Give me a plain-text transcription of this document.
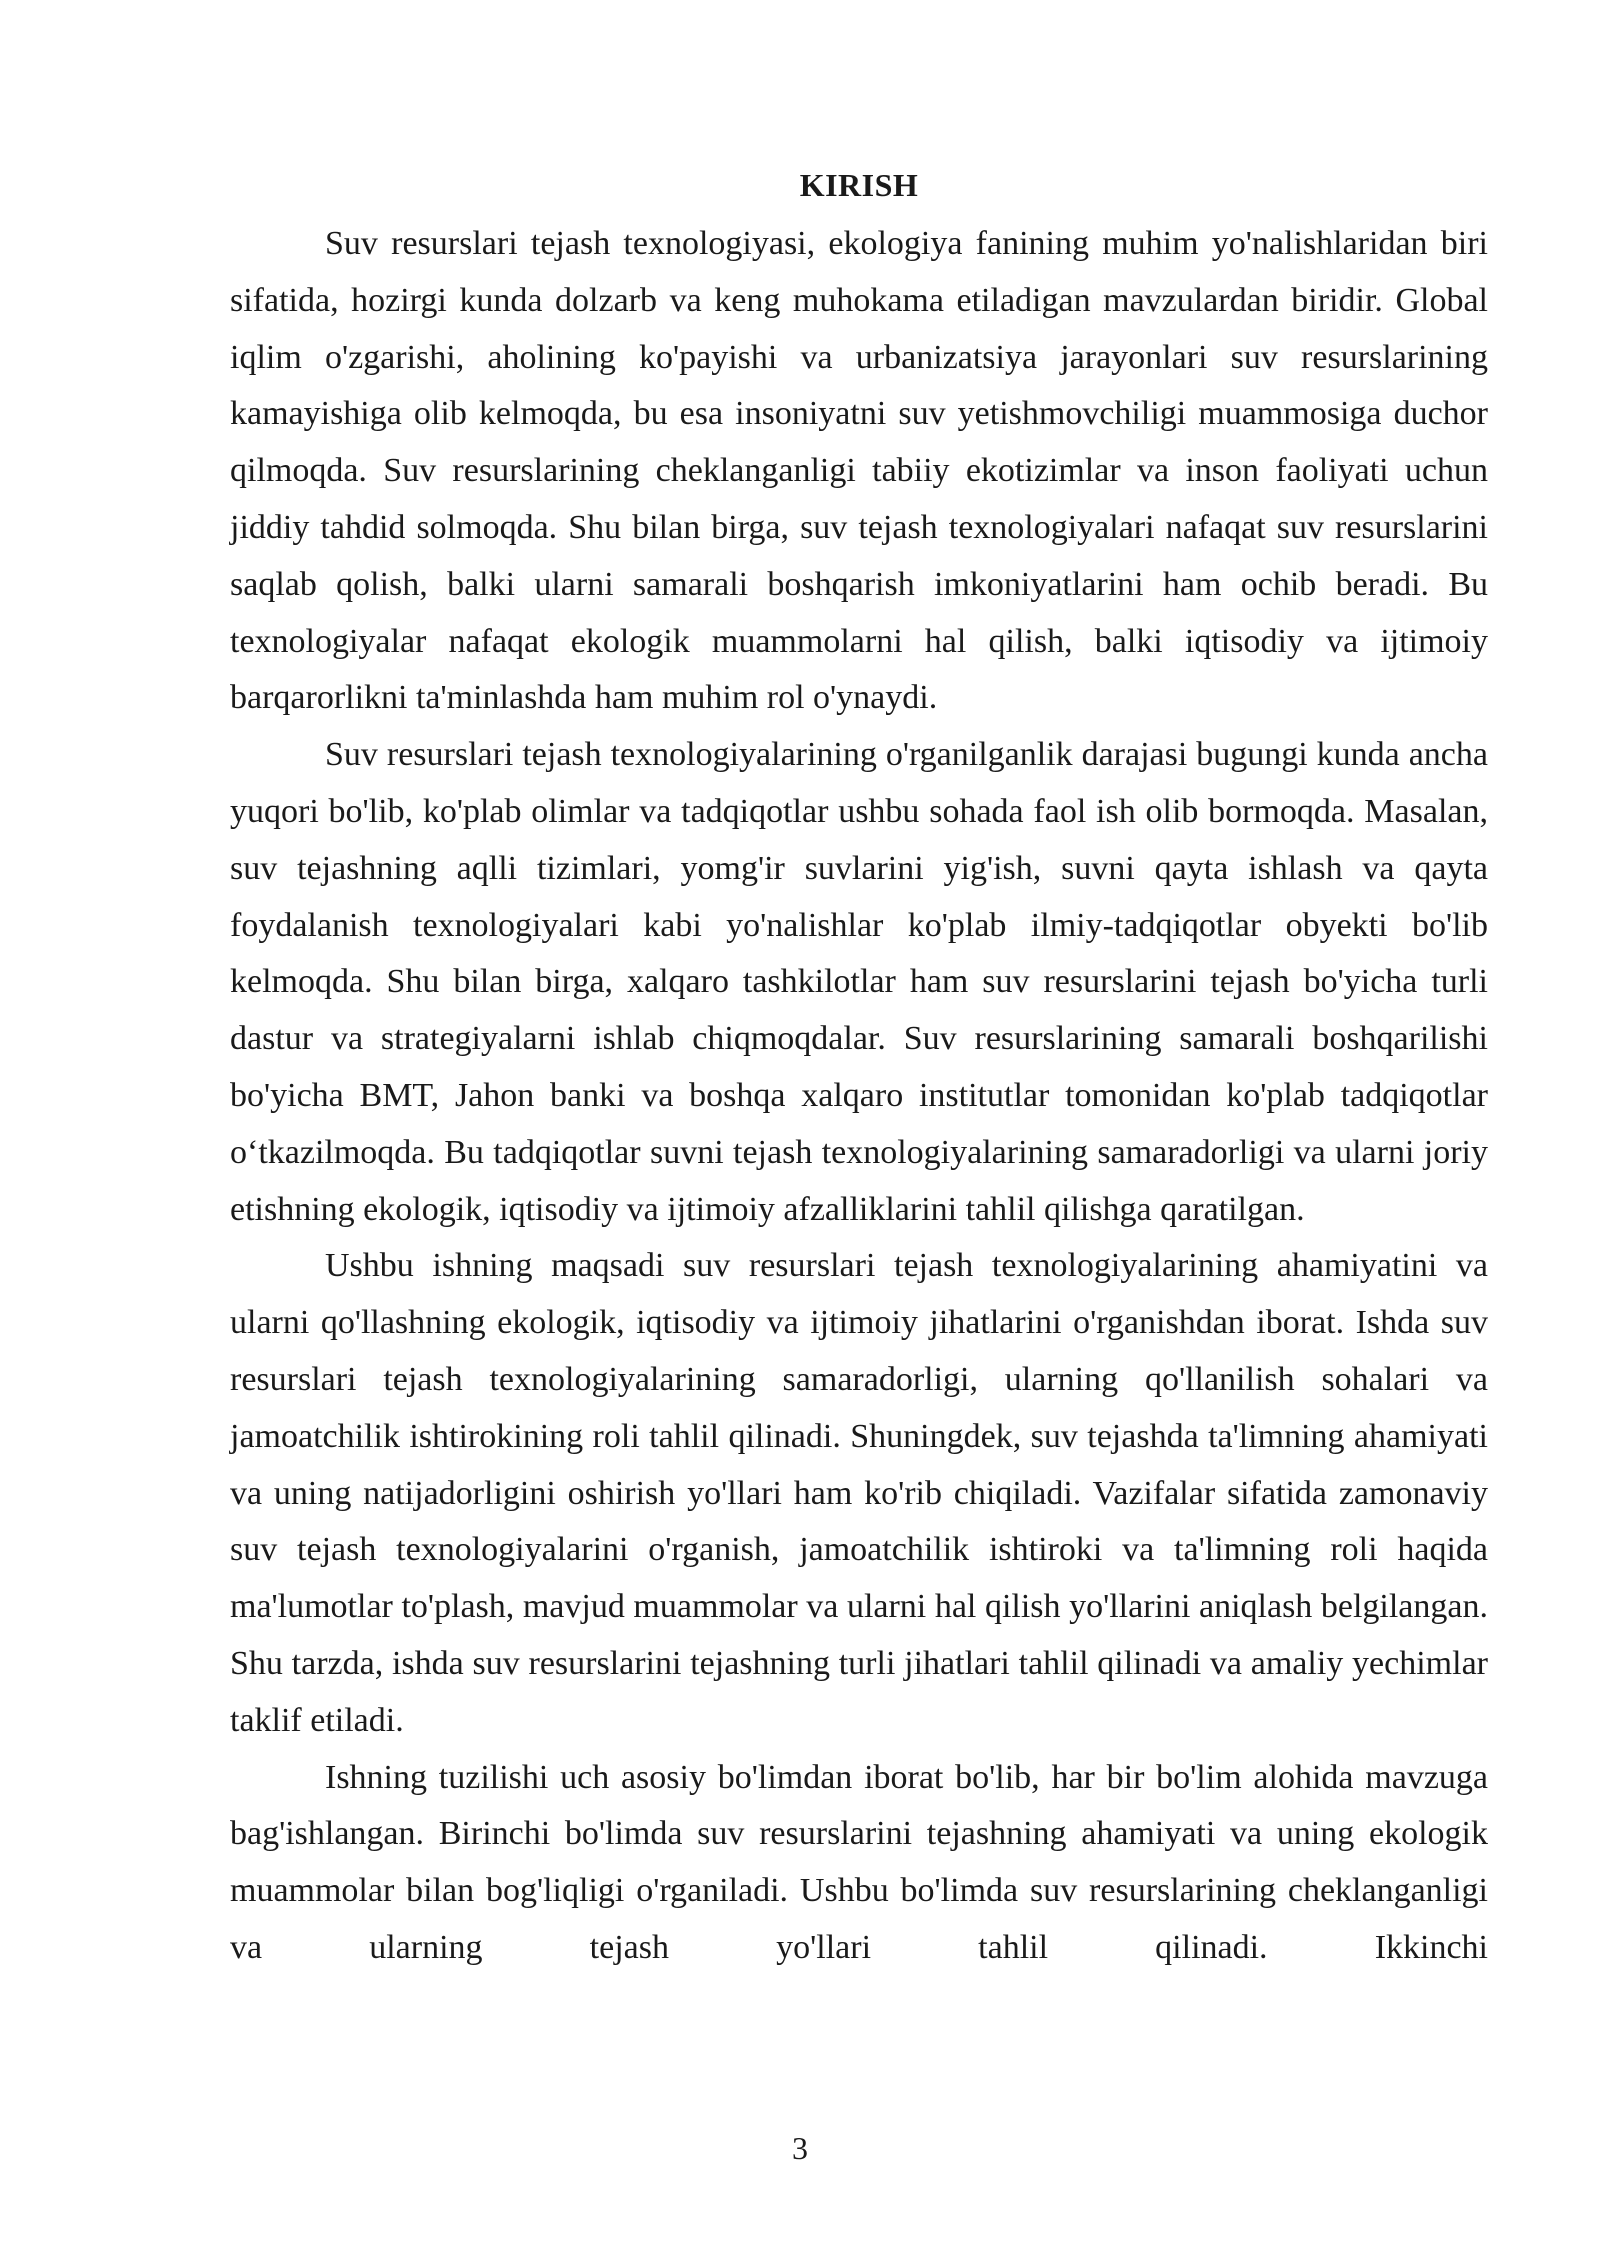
KIRISH

Suv resurslari tejash texnologiyasi, ekologiya fanining muhim yo'nalishlaridan biri sifatida, hozirgi kunda dolzarb va keng muhokama etiladigan mavzulardan biridir. Global iqlim o'zgarishi, aholining ko'payishi va urbanizatsiya jarayonlari suv resurslarining kamayishiga olib kelmoqda, bu esa insoniyatni suv yetishmovchiligi muammosiga duchor qilmoqda. Suv resurslarining cheklanganligi tabiiy ekotizimlar va inson faoliyati uchun jiddiy tahdid solmoqda. Shu bilan birga, suv tejash texnologiyalari nafaqat suv resurslarini saqlab qolish, balki ularni samarali boshqarish imkoniyatlarini ham ochib beradi. Bu texnologiyalar nafaqat ekologik muammolarni hal qilish, balki iqtisodiy va ijtimoiy barqarorlikni ta'minlashda ham muhim rol o'ynaydi.

Suv resurslari tejash texnologiyalarining o'rganilganlik darajasi bugungi kunda ancha yuqori bo'lib, ko'plab olimlar va tadqiqotlar ushbu sohada faol ish olib bormoqda. Masalan, suv tejashning aqlli tizimlari, yomg'ir suvlarini yig'ish, suvni qayta ishlash va qayta foydalanish texnologiyalari kabi yo'nalishlar ko'plab ilmiy-tadqiqotlar obyekti bo'lib kelmoqda. Shu bilan birga, xalqaro tashkilotlar ham suv resurslarini tejash bo'yicha turli dastur va strategiyalarni ishlab chiqmoqdalar. Suv resurslarining samarali boshqarilishi bo'yicha BMT, Jahon banki va boshqa xalqaro institutlar tomonidan ko'plab tadqiqotlar o‘tkazilmoqda. Bu tadqiqotlar suvni tejash texnologiyalarining samaradorligi va ularni joriy etishning ekologik, iqtisodiy va ijtimoiy afzalliklarini tahlil qilishga qaratilgan.

Ushbu ishning maqsadi suv resurslari tejash texnologiyalarining ahamiyatini va ularni qo'llashning ekologik, iqtisodiy va ijtimoiy jihatlarini o'rganishdan iborat. Ishda suv resurslari tejash texnologiyalarining samaradorligi, ularning qo'llanilish sohalari va jamoatchilik ishtirokining roli tahlil qilinadi. Shuningdek, suv tejashda ta'limning ahamiyati va uning natijadorligini oshirish yo'llari ham ko'rib chiqiladi. Vazifalar sifatida zamonaviy suv tejash texnologiyalarini o'rganish, jamoatchilik ishtiroki va ta'limning roli haqida ma'lumotlar to'plash, mavjud muammolar va ularni hal qilish yo'llarini aniqlash belgilangan. Shu tarzda, ishda suv resurslarini tejashning turli jihatlari tahlil qilinadi va amaliy yechimlar taklif etiladi.

Ishning tuzilishi uch asosiy bo'limdan iborat bo'lib, har bir bo'lim alohida mavzuga bag'ishlangan. Birinchi bo'limda suv resurslarini tejashning ahamiyati va uning ekologik muammolar bilan bog'liqligi o'rganiladi. Ushbu bo'limda suv resurslarining cheklanganligi va ularning tejash yo'llari tahlil qilinadi. Ikkinchi

3
